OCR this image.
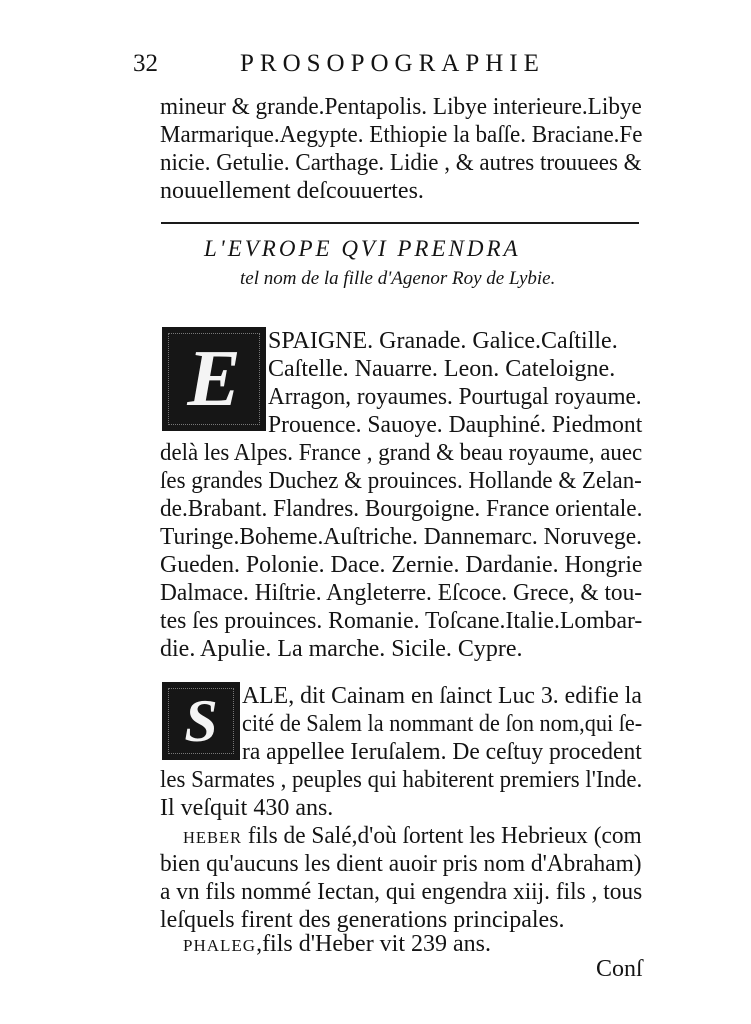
32	PROSOPOGRAPHIE
mineur & grande.Pentapolis. Libye interieure.Libye
Marmarique.Aegypte. Ethiopie la baſſe. Braciane.Fe
nicie. Getulie. Carthage. Lidie , & autres trouuees &
nouuellement deſcouuertes.
L'EVROPE QVI PRENDRA
tel nom de la fille d'Agenor Roy de Lybie.
E SPAIGNE. Granade. Galice.Caſtille.
Caſtelle. Nauarre. Leon. Cateloigne.
Arragon, royaumes. Pourtugal royaume.
Prouence. Sauoye. Dauphiné. Piedmont
delà les Alpes. France , grand & beau royaume, auec
ſes grandes Duchez & prouinces. Hollande & Zelan-
de.Brabant. Flandres. Bourgoigne. France orientale.
Turinge.Boheme.Auſtriche. Dannemarc. Noruvege.
Gueden. Polonie. Dace. Zernie. Dardanie. Hongrie
Dalmace. Hiſtrie. Angleterre. Eſcoce. Grece, & tou-
tes ſes prouinces. Romanie. Toſcane.Italie.Lombar-
die. Apulie. La marche. Sicile. Cypre.
S ALE, dit Cainam en ſainct Luc 3. edifie la
cité de Salem la nommant de ſon nom,qui ſe-
ra appellee Ieruſalem. De ceſtuy procedent
les Sarmates , peuples qui habiterent premiers l'Inde.
Il veſquit 430 ans.
HEBER fils de Salé,d'où ſortent les Hebrieux (com
bien qu'aucuns les dient auoir pris nom d'Abraham)
a vn fils nommé Iectan, qui engendra xiij. fils , tous
leſquels firent des generations principales.
PHALEG,fils d'Heber vit 239 ans.
Conſ
